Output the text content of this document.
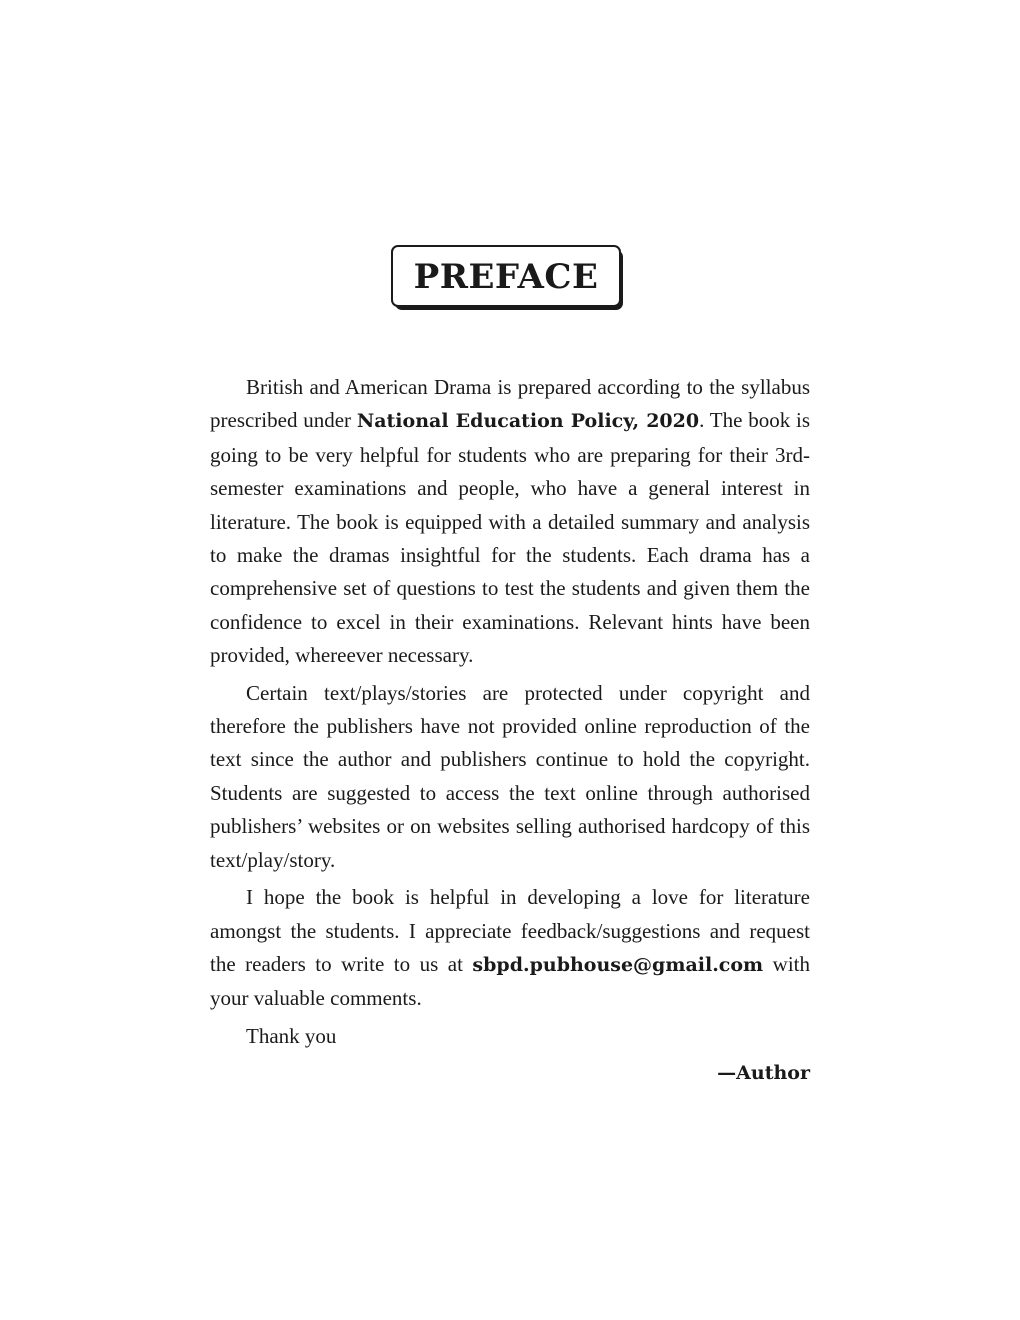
PREFACE

British and American Drama is prepared according to the syllabus prescribed under National Education Policy, 2020. The book is going to be very helpful for students who are preparing for their 3rd-semester examinations and people, who have a general interest in literature. The book is equipped with a detailed summary and analysis to make the dramas insightful for the students. Each drama has a comprehensive set of questions to test the students and given them the confidence to excel in their examinations. Relevant hints have been provided, whereever necessary.

Certain text/plays/stories are protected under copyright and therefore the publishers have not provided online reproduction of the text since the author and publishers continue to hold the copyright. Students are suggested to access the text online through authorised publishers’ websites or on websites selling authorised hardcopy of this text/play/story.

I hope the book is helpful in developing a love for literature amongst the students. I appreciate feedback/suggestions and request the readers to write to us at sbpd.pubhouse@gmail.com with your valuable comments.

Thank you

—Author
